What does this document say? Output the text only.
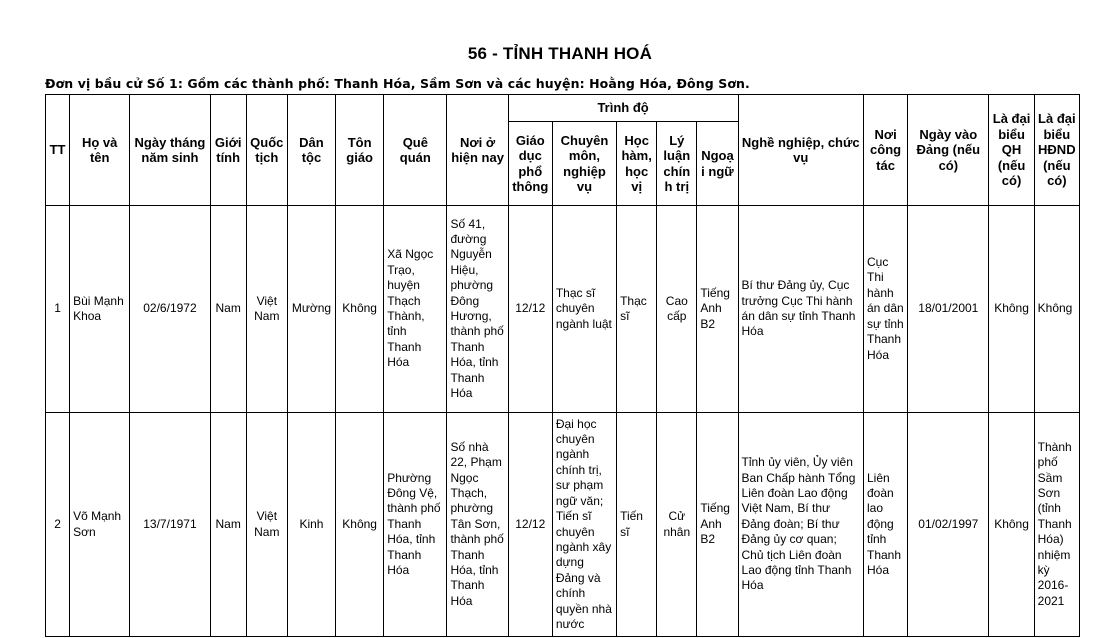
56 - TỈNH THANH HOÁ
Đơn vị bầu cử Số 1: Gồm các thành phố: Thanh Hóa, Sầm Sơn và các huyện: Hoằng Hóa, Đông Sơn.
TT	Họ và tên	Ngày tháng năm sinh	Giới tính	Quốc tịch	Dân tộc	Tôn giáo	Quê quán	Nơi ở hiện nay	Trình độ					Nghề nghiệp, chức vụ	Nơi công tác	Ngày vào Đảng (nếu có)	Là đại biểu QH (nếu có)	Là đại biểu HĐND (nếu có)
									Giáo dục phổ thông	Chuyên môn, nghiệp vụ	Học hàm, học vị	Lý luận chính trị	Ngoại ngữ					
1	Bùi Mạnh Khoa	02/6/1972	Nam	Việt Nam	Mường	Không	Xã Ngọc Trạo, huyện Thạch Thành, tỉnh Thanh Hóa	Số 41, đường Nguyễn Hiệu, phường Đông Hương, thành phố Thanh Hóa, tỉnh Thanh Hóa	12/12	Thạc sĩ chuyên ngành luật	Thạc sĩ	Cao cấp	Tiếng Anh B2	Bí thư Đảng ủy, Cục trưởng Cục Thi hành án dân sự tỉnh Thanh Hóa	Cục Thi hành án dân sự tỉnh Thanh Hóa	18/01/2001	Không	Không
2	Võ Mạnh Sơn	13/7/1971	Nam	Việt Nam	Kinh	Không	Phường Đông Vệ, thành phố Thanh Hóa, tỉnh Thanh Hóa	Số nhà 22, Phạm Ngọc Thạch, phường Tân Sơn, thành phố Thanh Hóa, tỉnh Thanh Hóa	12/12	Đại học chuyên ngành chính trị, sư phạm ngữ văn; Tiến sĩ chuyên ngành xây dựng Đảng và chính quyền nhà nước	Tiến sĩ	Cử nhân	Tiếng Anh B2	Tỉnh ủy viên, Ủy viên Ban Chấp hành Tổng Liên đoàn Lao động Việt Nam, Bí thư Đảng đoàn; Bí thư Đảng ủy cơ quan; Chủ tịch Liên đoàn Lao động tỉnh Thanh Hóa	Liên đoàn lao động tỉnh Thanh Hóa	01/02/1997	Không	Thành phố Sầm Sơn (tỉnh Thanh Hóa) nhiệm kỳ 2016-2021
